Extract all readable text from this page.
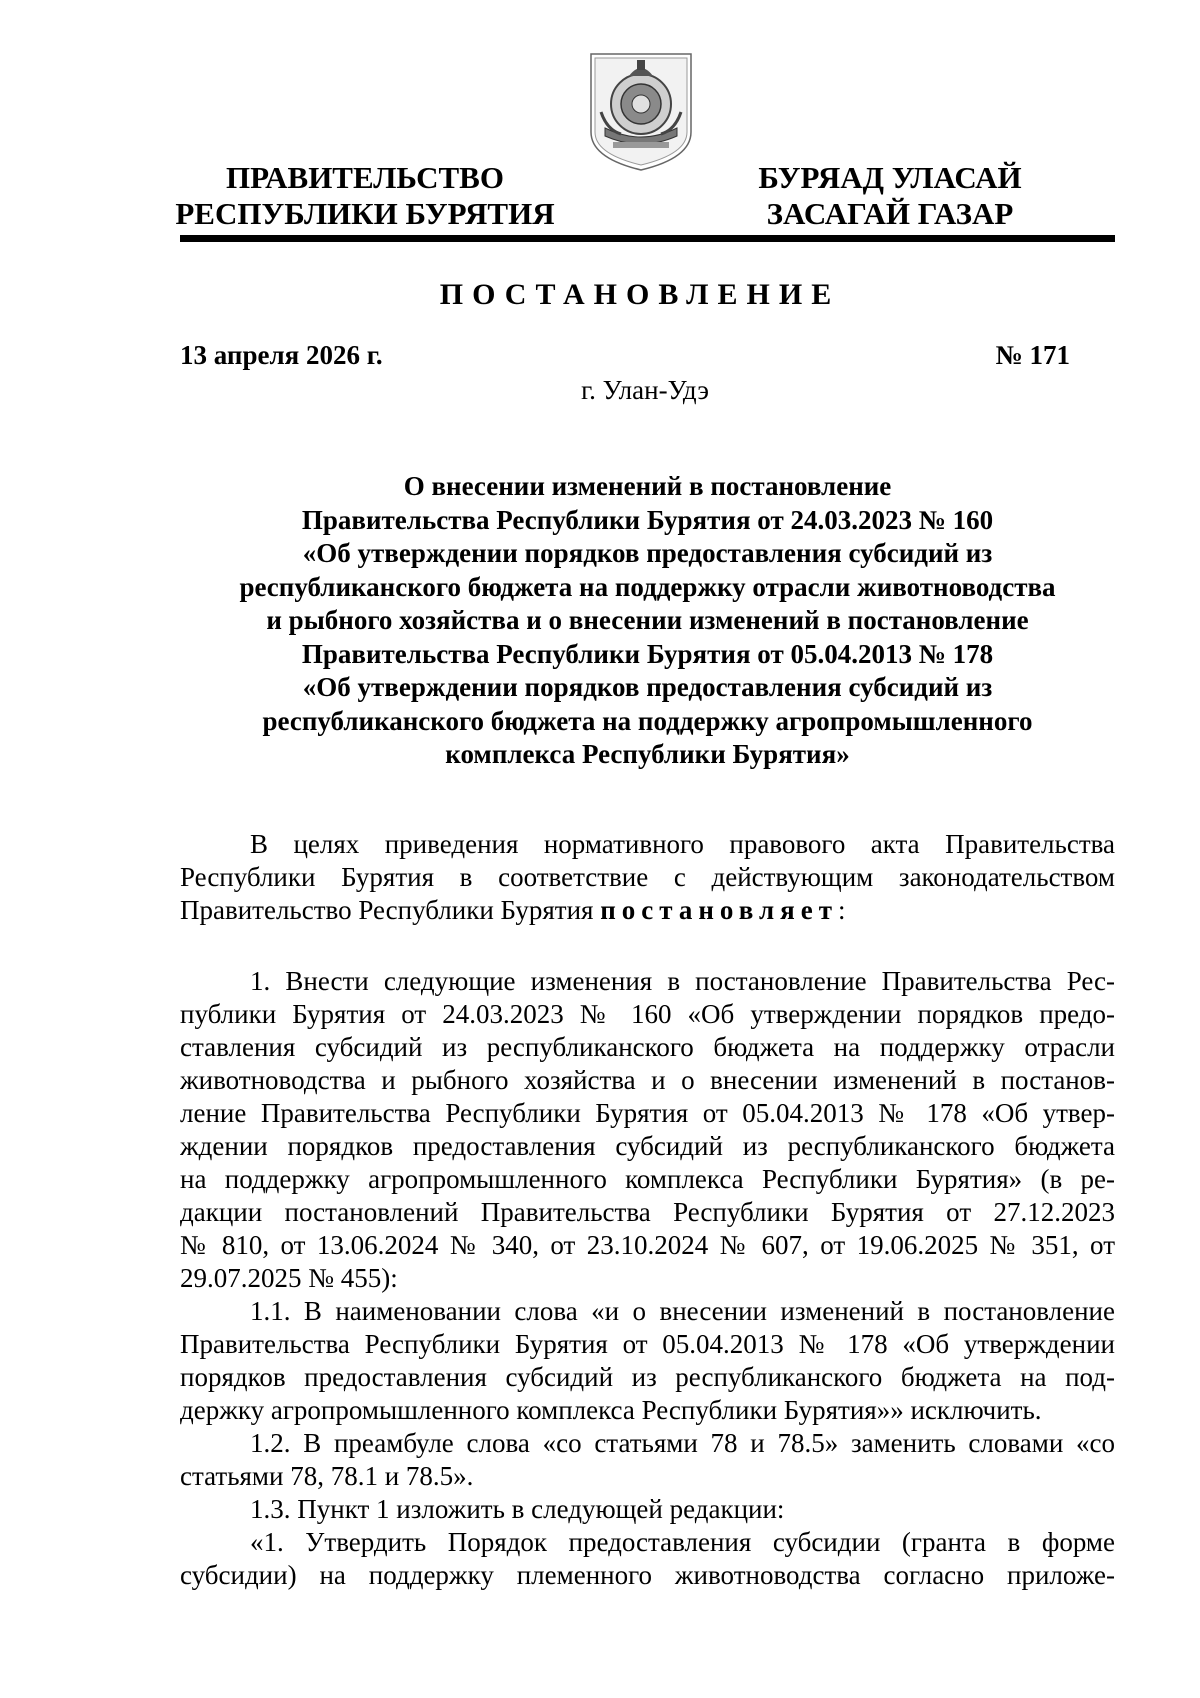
ПРАВИТЕЛЬСТВО
РЕСПУБЛИКИ БУРЯТИЯ
БУРЯАД УЛАСАЙ
ЗАСАГАЙ ГАЗАР
ПОСТАНОВЛЕНИЕ
13 апреля 2026 г.	№ 171
г. Улан-Удэ
О внесении изменений в постановление
Правительства Республики Бурятия от 24.03.2023 № 160
«Об утверждении порядков предоставления субсидий из
республиканского бюджета на поддержку отрасли животноводства
и рыбного хозяйства и о внесении изменений в постановление
Правительства Республики Бурятия от 05.04.2013 № 178
«Об утверждении порядков предоставления субсидий из
республиканского бюджета на поддержку агропромышленного
комплекса Республики Бурятия»
В целях приведения нормативного правового акта Правительства
Республики Бурятия в соответствие с действующим законодательством
Правительство Республики Бурятия постановляет:
1. Внести следующие изменения в постановление Правительства Рес-
публики Бурятия от 24.03.2023 № 160 «Об утверждении порядков предо-
ставления субсидий из республиканского бюджета на поддержку отрасли
животноводства и рыбного хозяйства и о внесении изменений в постанов-
ление Правительства Республики Бурятия от 05.04.2013 № 178 «Об утвер-
ждении порядков предоставления субсидий из республиканского бюджета
на поддержку агропромышленного комплекса Республики Бурятия» (в ре-
дакции постановлений Правительства Республики Бурятия от 27.12.2023
№ 810, от 13.06.2024 № 340, от 23.10.2024 № 607, от 19.06.2025 № 351, от
29.07.2025 № 455):
1.1. В наименовании слова «и о внесении изменений в постановление
Правительства Республики Бурятия от 05.04.2013 № 178 «Об утверждении
порядков предоставления субсидий из республиканского бюджета на под-
держку агропромышленного комплекса Республики Бурятия»» исключить.
1.2. В преамбуле слова «со статьями 78 и 78.5» заменить словами «со
статьями 78, 78.1 и 78.5».
1.3. Пункт 1 изложить в следующей редакции:
«1. Утвердить Порядок предоставления субсидии (гранта в форме
субсидии) на поддержку племенного животноводства согласно приложе-
